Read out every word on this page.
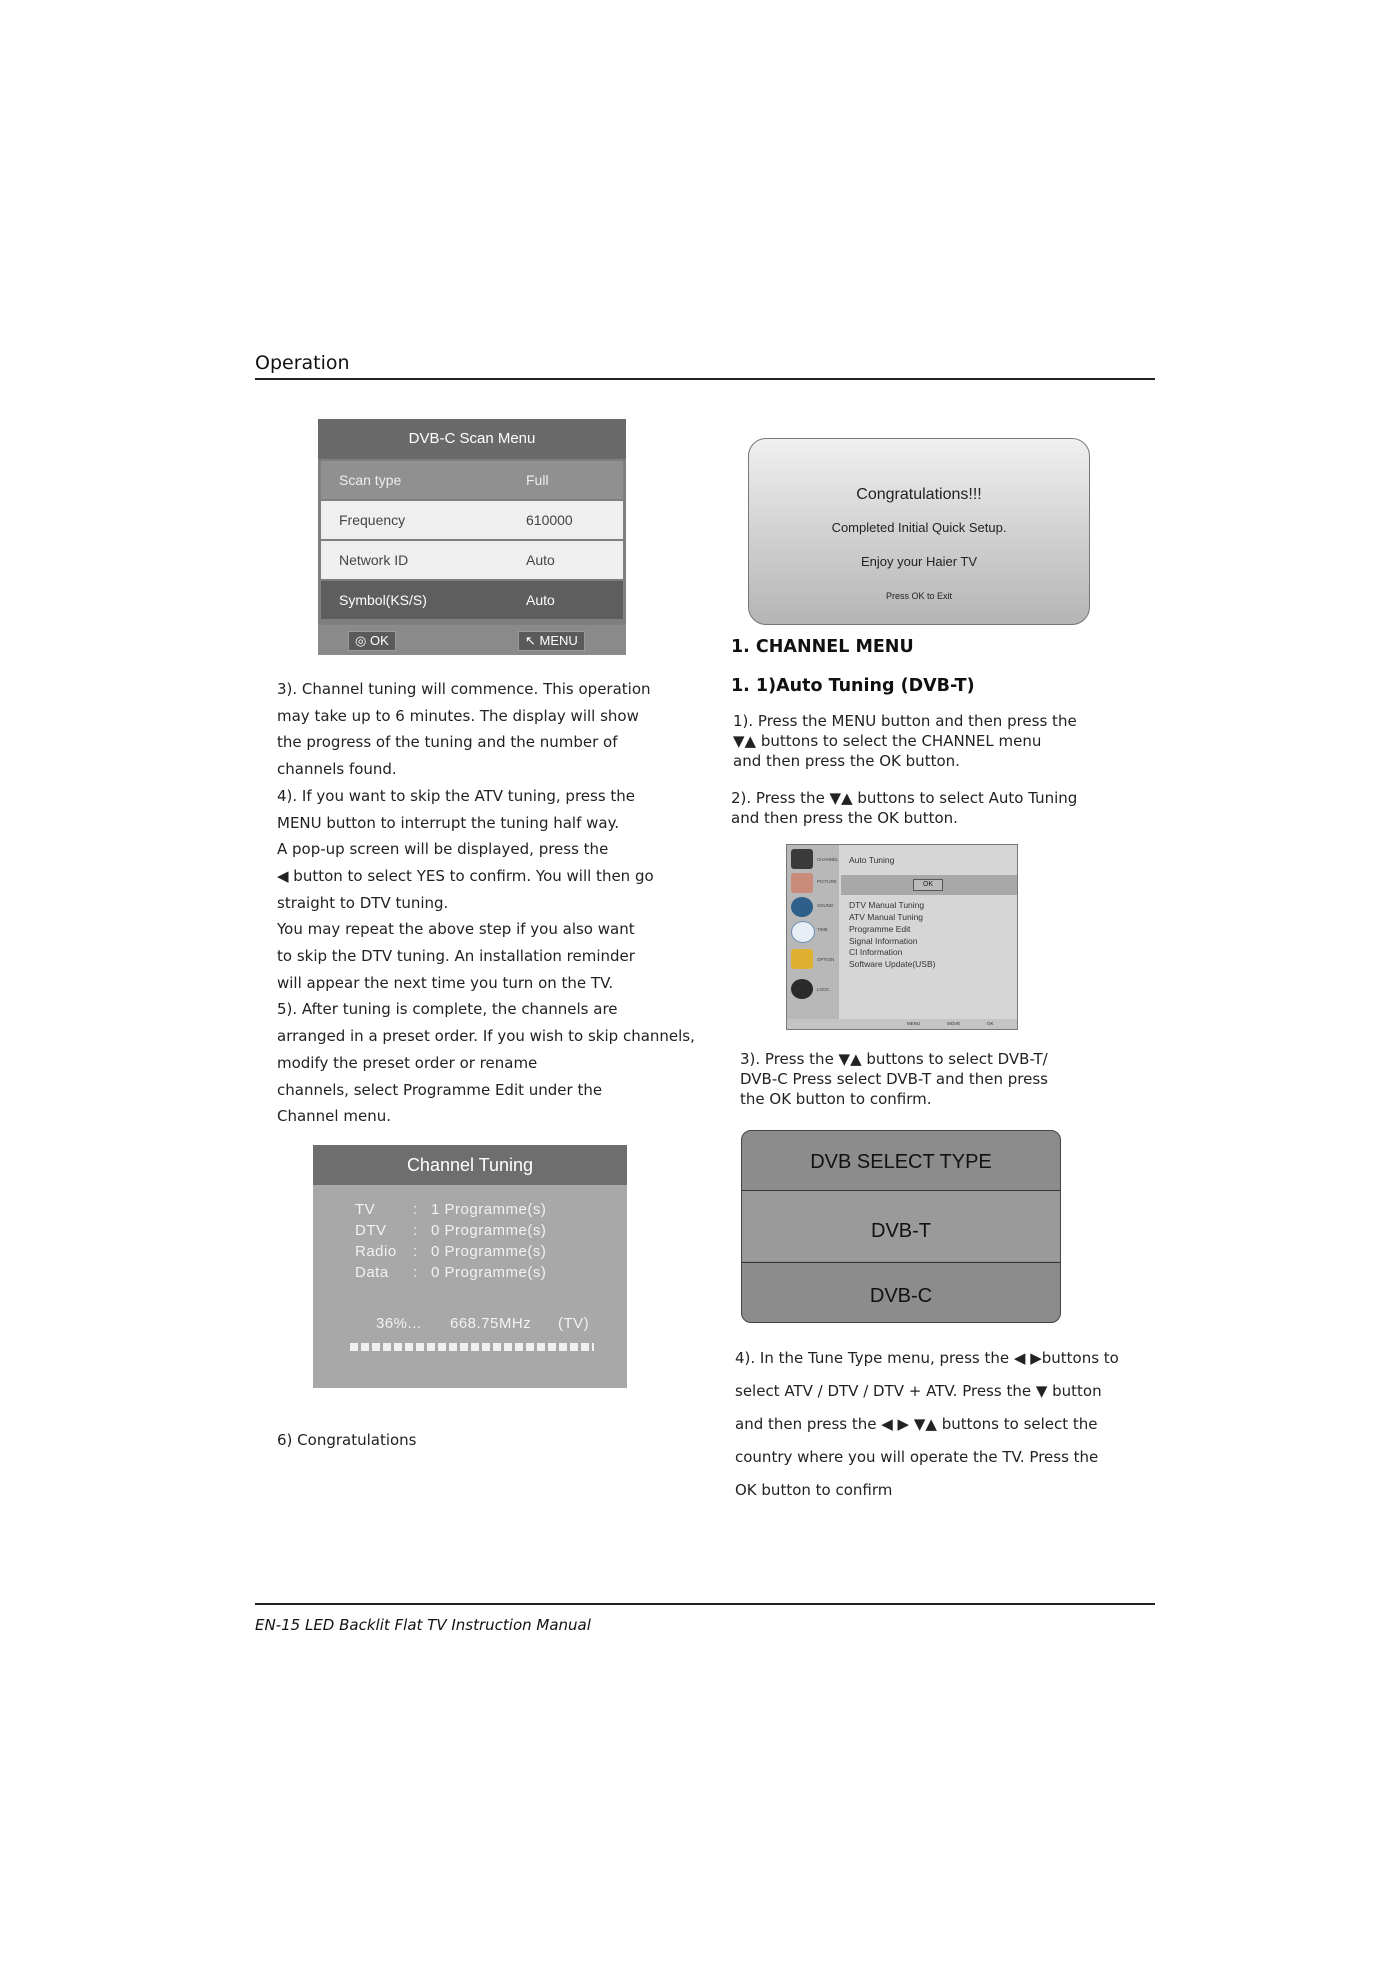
Operation
DVB-C Scan Menu
Scan type	Full
Frequency	610000
Network ID	Auto
Symbol(KS/S)	Auto
◎ OK	↖ MENU

3). Channel tuning will commence. This operation

may take up to 6 minutes. The display will show

the progress of the tuning and the number of

channels found.

4). If you want to skip the ATV tuning, press the

MENU button to interrupt the tuning half way.

A pop-up screen will be displayed, press the

◀ button to select YES to confirm. You will then go

straight to DTV tuning.

You may repeat the above step if you also want

to skip the DTV tuning. An installation reminder

will appear the next time you turn on the TV.

5). After tuning is complete, the channels are

arranged in a preset order. If you wish to skip channels,

modify the preset order or rename

channels, select Programme Edit under the

Channel menu.

Channel Tuning
TV	: 1 Programme(s)
DTV : 0 Programme(s)
Radio : 0 Programme(s)
Data : 0 Programme(s)
36%... 668.75MHz (TV)
6) Congratulations
Congratulations!!!
Completed Initial Quick Setup.
Enjoy your Haier TV
Press OK to Exit
1. CHANNEL MENU
1. 1)Auto Tuning (DVB-T)

1). Press the MENU button and then press the

▼▲ buttons to select the CHANNEL menu

and then press the OK button.

2). Press the ▼▲ buttons to select Auto Tuning

and then press the OK button.

CHANNEL
PICTURE
SOUND
TIME
OPTION
LOCK
Auto Tuning
OK
DTV Manual Tuning
ATV Manual Tuning
Programme Edit
Signal Information
CI Information
Software Update(USB)
MENU	MOVE	OK

3). Press the ▼▲ buttons to select DVB-T/

DVB-C Press select DVB-T and then press

the OK button to confirm.

DVB SELECT TYPE
DVB-T
DVB-C

4). In the Tune Type menu, press the ◀ ▶buttons to

select ATV / DTV / DTV + ATV. Press the ▼ button

and then press the ◀ ▶ ▼▲ buttons to select the

country where you will operate the TV. Press the

OK button to confirm

EN-15 LED Backlit Flat TV Instruction Manual
